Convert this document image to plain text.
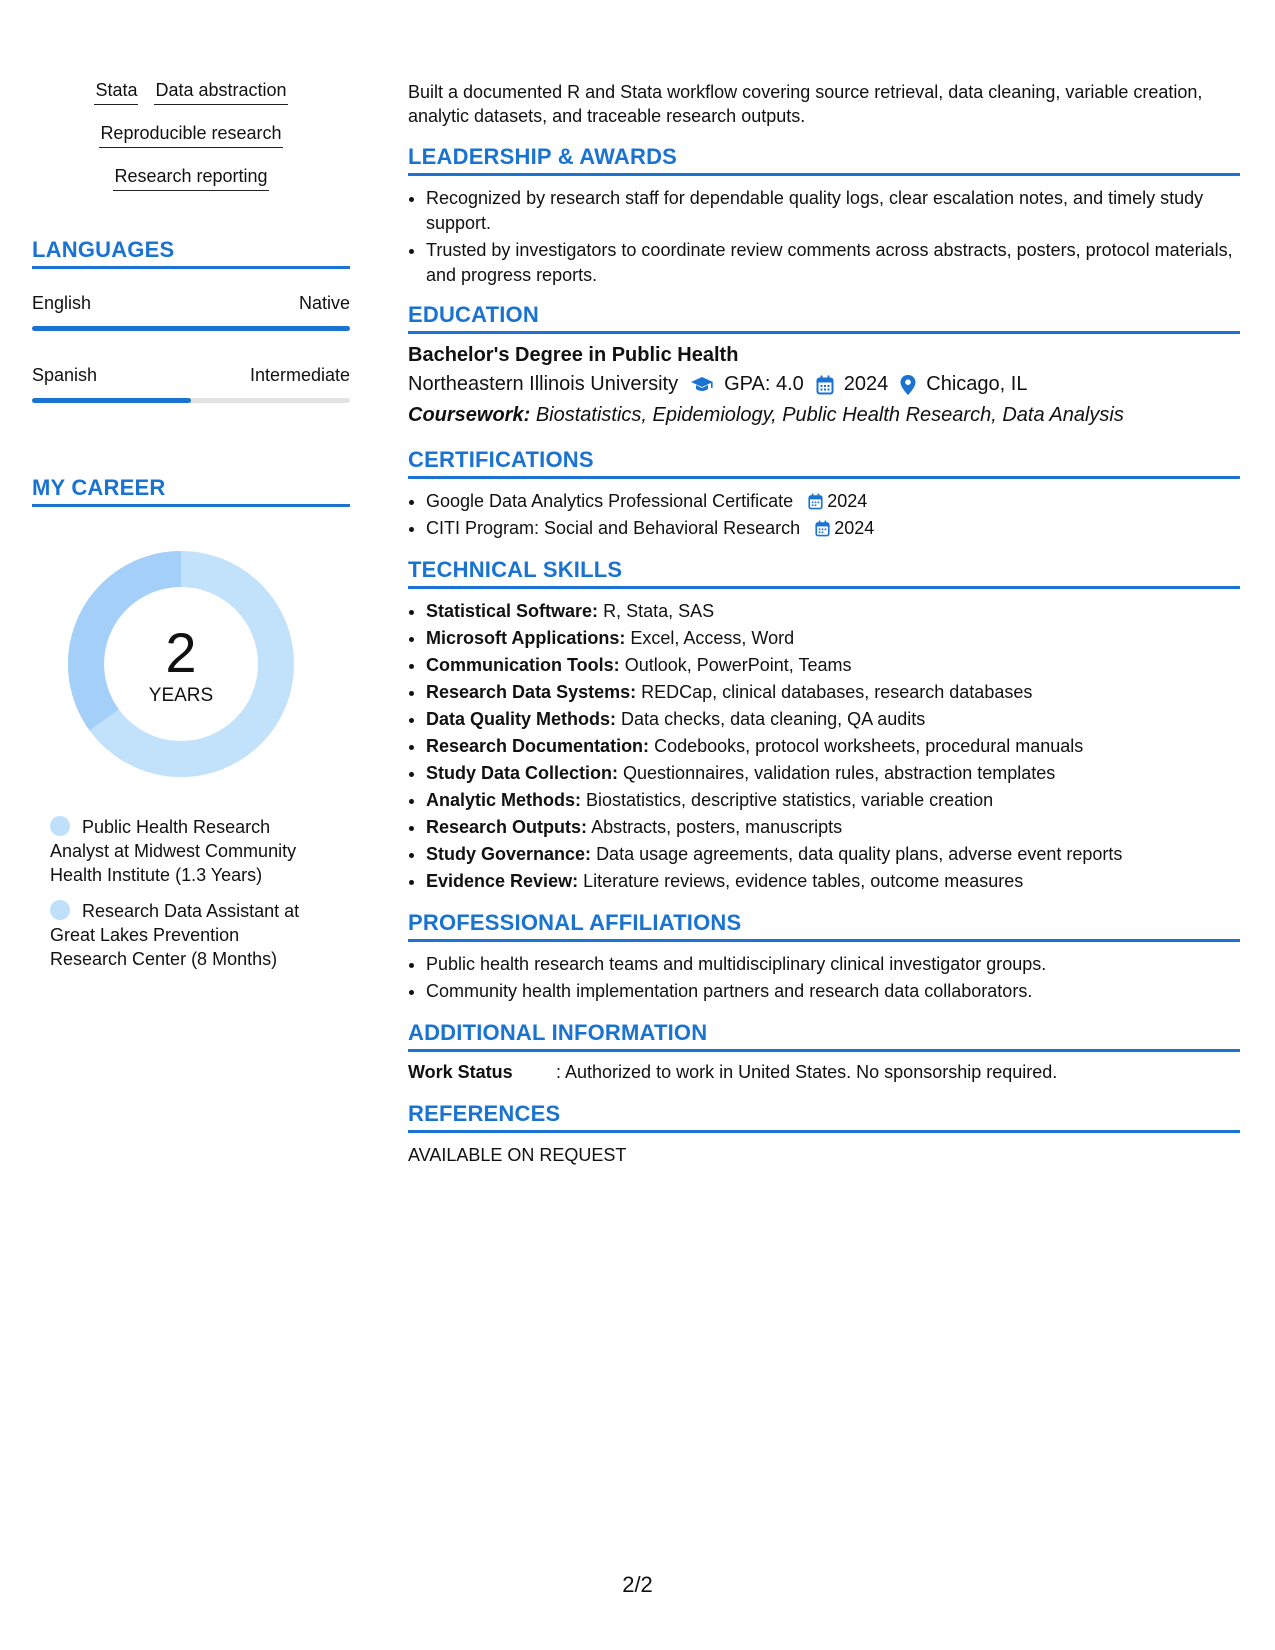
Stata Data abstraction
Reproducible research
Research reporting
LANGUAGES
English	Native
Spanish	Intermediate
MY CAREER
2
YEARS
Public Health Research Analyst at Midwest Community Health Institute (1.3 Years)
Research Data Assistant at Great Lakes Prevention Research Center (8 Months)
Built a documented R and Stata workflow covering source retrieval, data cleaning, variable creation, analytic datasets, and traceable research outputs.
LEADERSHIP & AWARDS
• Recognized by research staff for dependable quality logs, clear escalation notes, and timely study support.
• Trusted by investigators to coordinate review comments across abstracts, posters, protocol materials, and progress reports.
EDUCATION
Bachelor's Degree in Public Health
Northeastern Illinois University GPA: 4.0 2024 Chicago, IL
Coursework: Biostatistics, Epidemiology, Public Health Research, Data Analysis
CERTIFICATIONS
• Google Data Analytics Professional Certificate 2024
• CITI Program: Social and Behavioral Research 2024
TECHNICAL SKILLS
• Statistical Software: R, Stata, SAS
• Microsoft Applications: Excel, Access, Word
• Communication Tools: Outlook, PowerPoint, Teams
• Research Data Systems: REDCap, clinical databases, research databases
• Data Quality Methods: Data checks, data cleaning, QA audits
• Research Documentation: Codebooks, protocol worksheets, procedural manuals
• Study Data Collection: Questionnaires, validation rules, abstraction templates
• Analytic Methods: Biostatistics, descriptive statistics, variable creation
• Research Outputs: Abstracts, posters, manuscripts
• Study Governance: Data usage agreements, data quality plans, adverse event reports
• Evidence Review: Literature reviews, evidence tables, outcome measures
PROFESSIONAL AFFILIATIONS
• Public health research teams and multidisciplinary clinical investigator groups.
• Community health implementation partners and research data collaborators.
ADDITIONAL INFORMATION
Work Status	: Authorized to work in United States. No sponsorship required.
REFERENCES
AVAILABLE ON REQUEST
2/2
